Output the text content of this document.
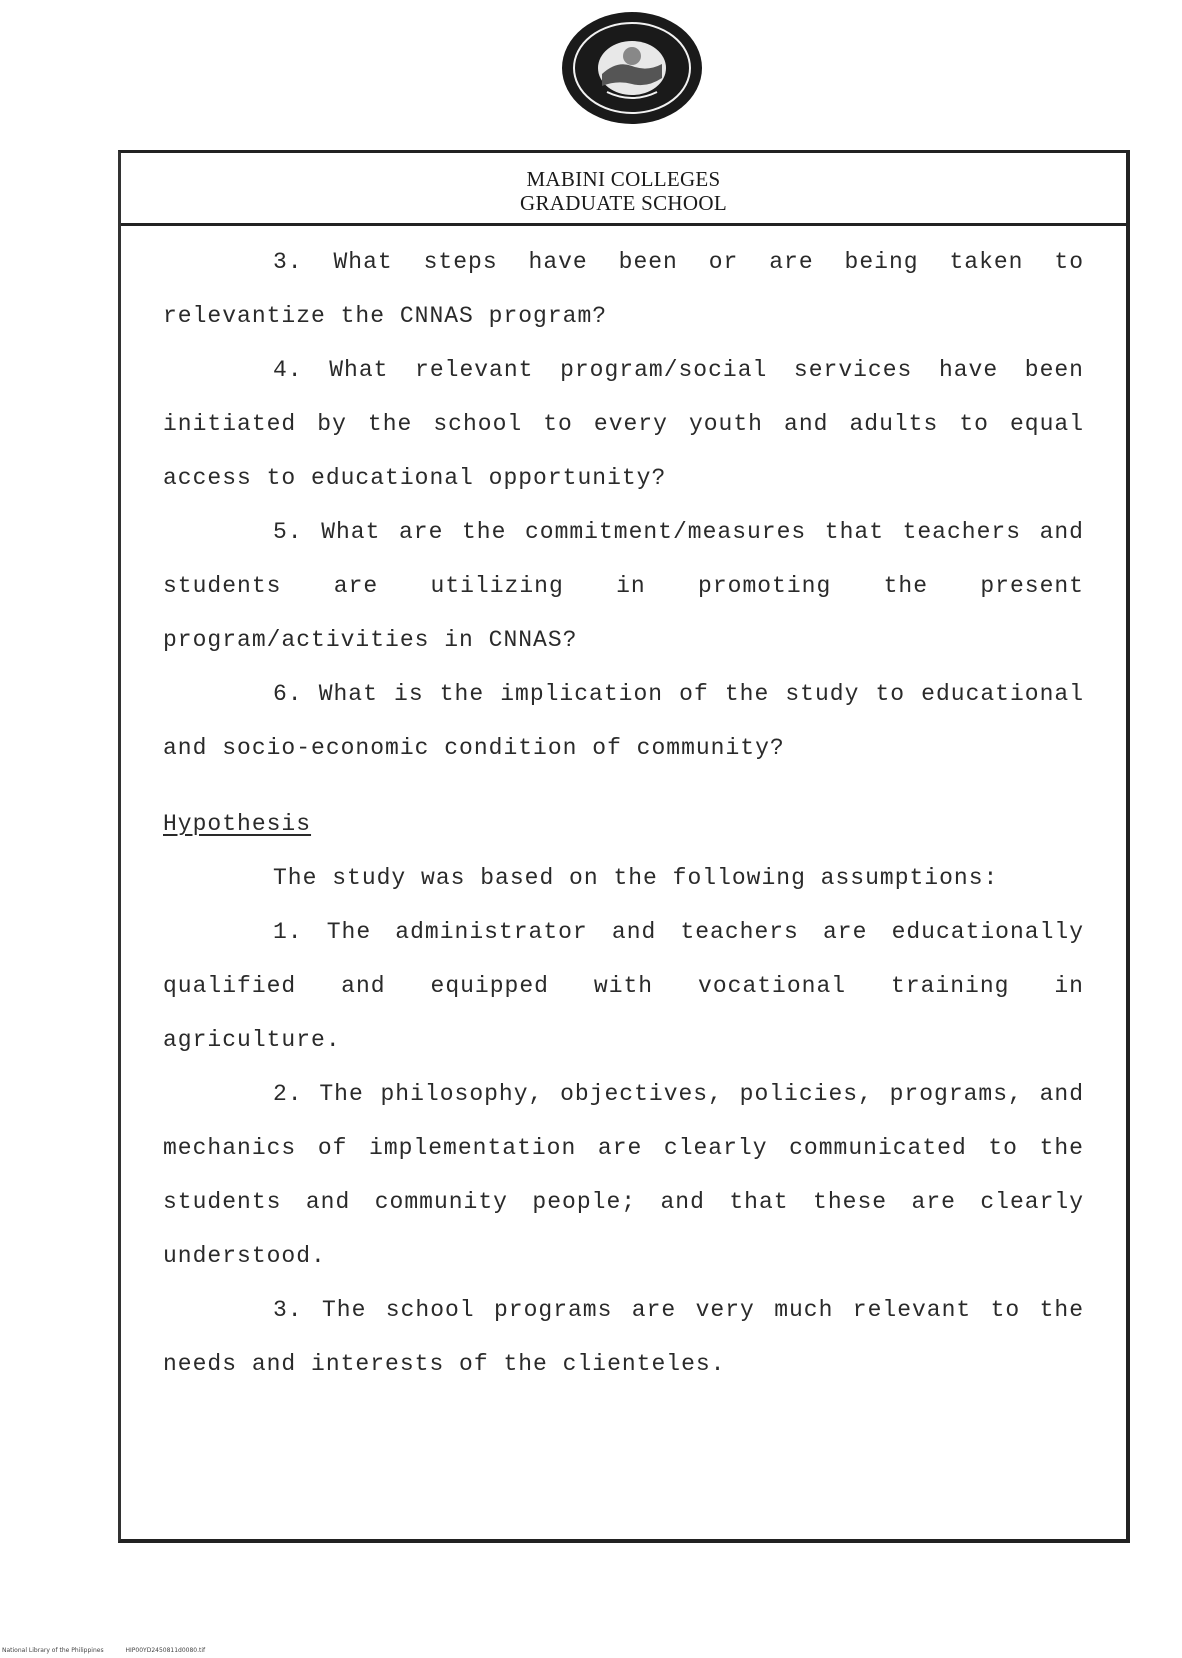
MABINI COLLEGES
GRADUATE SCHOOL

3. What steps have been or are being taken to relevantize the CNNAS program?

4. What relevant program/social services have been initiated by the school to every youth and adults to equal access to educational opportunity?

5. What are the commitment/measures that teachers and students are utilizing in promoting the present program/activities in CNNAS?

6. What is the implication of the study to educational and socio-economic condition of community?

Hypothesis

The study was based on the following assumptions:

1. The administrator and teachers are educationally qualified and equipped with vocational training in agriculture.

2. The philosophy, objectives, policies, programs, and mechanics of implementation are clearly communicated to the students and community people; and that these are clearly understood.

3. The school programs are very much relevant to the needs and interests of the clienteles.

National Library of the Philippines	HIP00YD2450811d0080.tif
